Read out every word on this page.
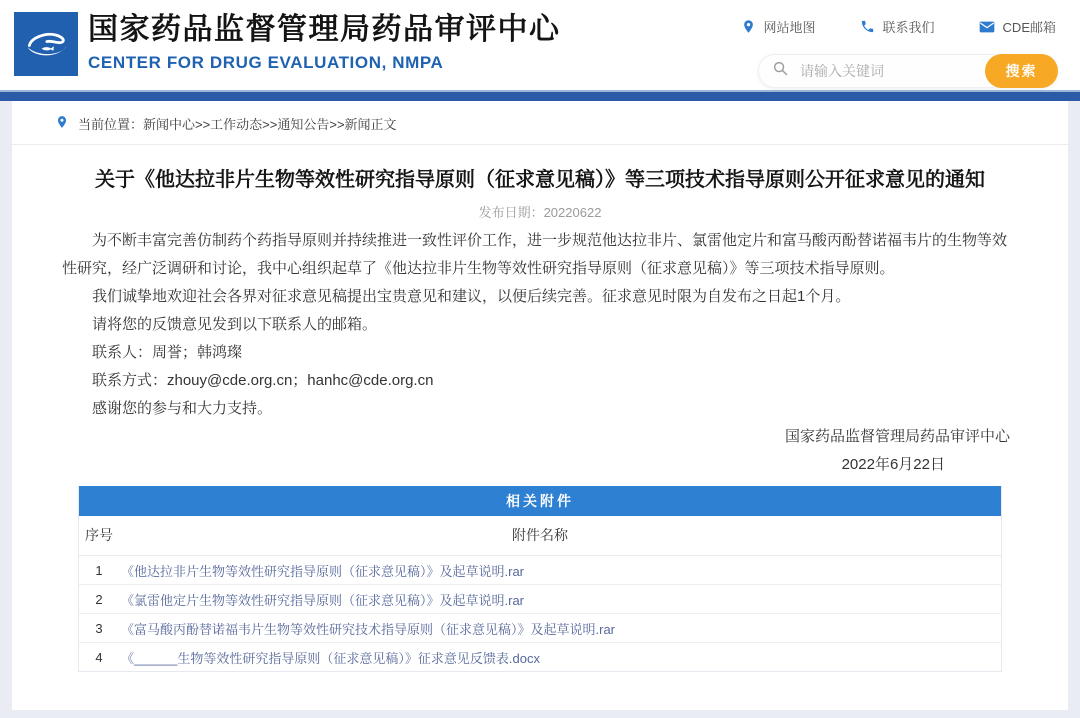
国家药品监督管理局药品审评中心
CENTER FOR DRUG EVALUATION, NMPA
网站地图	联系我们	CDE邮箱
请输入关键词
搜索
当前位置：新闻中心>>工作动态>>通知公告>>新闻正文
关于《他达拉非片生物等效性研究指导原则（征求意见稿）》等三项技术指导原则公开征求意见的通知
发布日期：20220622

为不断丰富完善仿制药个药指导原则并持续推进一致性评价工作，进一步规范他达拉非片、氯雷他定片和富马酸丙酚替诺福韦片的生物等效性研究，经广泛调研和讨论，我中心组织起草了《他达拉非片生物等效性研究指导原则（征求意见稿）》等三项技术指导原则。

我们诚挚地欢迎社会各界对征求意见稿提出宝贵意见和建议，以便后续完善。征求意见时限为自发布之日起1个月。

请将您的反馈意见发到以下联系人的邮箱。

联系人：周誉；韩鸿璨

联系方式：zhouy@cde.org.cn；hanhc@cde.org.cn

感谢您的参与和大力支持。

国家药品监督管理局药品审评中心
2022年6月22日
相关附件
序号	附件名称
1	《他达拉非片生物等效性研究指导原则（征求意见稿）》及起草说明.rar
2	《氯雷他定片生物等效性研究指导原则（征求意见稿）》及起草说明.rar
3	《富马酸丙酚替诺福韦片生物等效性研究技术指导原则（征求意见稿）》及起草说明.rar
4	《______生物等效性研究指导原则（征求意见稿）》征求意见反馈表.docx
